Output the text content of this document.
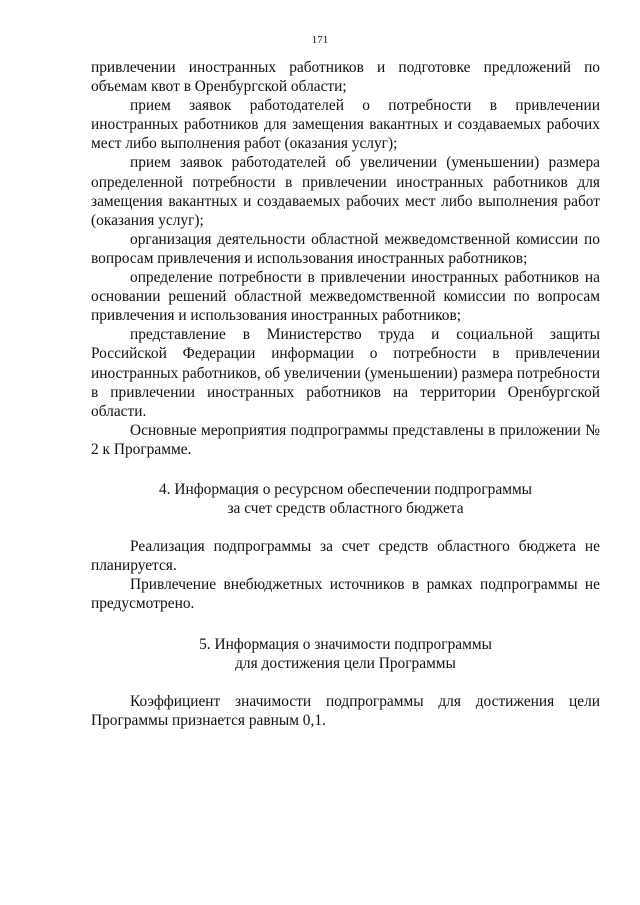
171

привлечении иностранных работников и подготовке предложений по объемам квот в Оренбургской области;

прием заявок работодателей о потребности в привлечении иностранных работников для замещения вакантных и создаваемых рабочих мест либо выполнения работ (оказания услуг);

прием заявок работодателей об увеличении (уменьшении) размера определенной потребности в привлечении иностранных работников для замещения вакантных и создаваемых рабочих мест либо выполнения работ (оказания услуг);

организация деятельности областной межведомственной комиссии по вопросам привлечения и использования иностранных работников;

определение потребности в привлечении иностранных работников на основании решений областной межведомственной комиссии по вопросам привлечения и использования иностранных работников;

представление в Министерство труда и социальной защиты Российской Федерации информации о потребности в привлечении иностранных работников, об увеличении (уменьшении) размера потребности в привлечении иностранных работников на территории Оренбургской области.

Основные мероприятия подпрограммы представлены в приложении № 2 к Программе.

4. Информация о ресурсном обеспечении подпрограммы
за счет средств областного бюджета

Реализация подпрограммы за счет средств областного бюджета не планируется.

Привлечение внебюджетных источников в рамках подпрограммы не предусмотрено.

5. Информация о значимости подпрограммы
для достижения цели Программы

Коэффициент значимости подпрограммы для достижения цели Программы признается равным 0,1.
